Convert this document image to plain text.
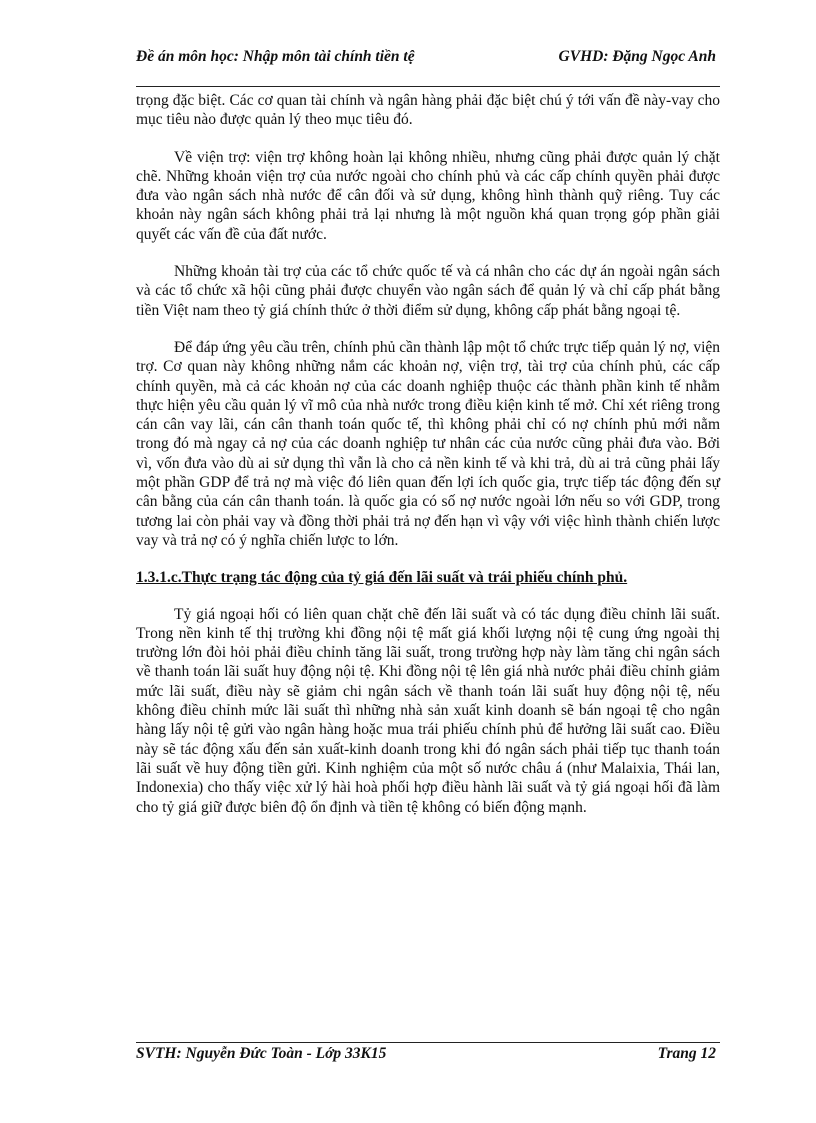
Đề án môn học: Nhập môn tài chính tiền tệ	GVHD: Đặng Ngọc Anh

trọng đặc biệt. Các cơ quan tài chính và ngân hàng phải đặc biệt chú ý tới vấn đề này-vay cho mục tiêu nào được quản lý theo mục tiêu đó.

Về viện trợ: viện trợ không hoàn lại không nhiều, nhưng cũng phải được quản lý chặt chẽ. Những khoản viện trợ của nước ngoài cho chính phủ và các cấp chính quyền phải được đưa vào ngân sách nhà nước để cân đối và sử dụng, không hình thành quỹ riêng. Tuy các khoản này ngân sách không phải trả lại nhưng là một nguồn khá quan trọng góp phần giải quyết các vấn đề của đất nước.

Những khoản tài trợ của các tổ chức quốc tế và cá nhân cho các dự án ngoài ngân sách và các tổ chức xã hội cũng phải được chuyển vào ngân sách để quản lý và chỉ cấp phát bằng tiền Việt nam theo tỷ giá chính thức ở thời điểm sử dụng, không cấp phát bằng ngoại tệ.

Để đáp ứng yêu cầu trên, chính phủ cần thành lập một tổ chức trực tiếp quản lý nợ, viện trợ. Cơ quan này không những nắm các khoản nợ, viện trợ, tài trợ của chính phủ, các cấp chính quyền, mà cả các khoản nợ của các doanh nghiệp thuộc các thành phần kinh tế nhằm thực hiện yêu cầu quản lý vĩ mô của nhà nước trong điều kiện kinh tế mở. Chỉ xét riêng trong cán cân vay lãi, cán cân thanh toán quốc tế, thì không phải chỉ có nợ chính phủ mới nằm trong đó mà ngay cả nợ của các doanh nghiệp tư nhân các của nước cũng phải đưa vào. Bởi vì, vốn đưa vào dù ai sử dụng thì vẫn là cho cả nền kinh tế và khi trả, dù ai trả cũng phải lấy một phần GDP để trả nợ mà việc đó liên quan đến lợi ích quốc gia, trực tiếp tác động đến sự cân bằng của cán cân thanh toán. là quốc gia có số nợ nước ngoài lớn nếu so với GDP, trong tương lai còn phải vay và đồng thời phải trả nợ đến hạn vì vậy với việc hình thành chiến lược vay và trả nợ có ý nghĩa chiến lược to lớn.

1.3.1.c.Thực trạng tác động của tỷ giá đến lãi suất và trái phiếu chính phủ.

Tỷ giá ngoại hối có liên quan chặt chẽ đến lãi suất và có tác dụng điều chỉnh lãi suất. Trong nền kinh tế thị trường khi đồng nội tệ mất giá khối lượng nội tệ cung ứng ngoài thị trường lớn đòi hỏi phải điều chỉnh tăng lãi suất, trong trường hợp này làm tăng chi ngân sách về thanh toán lãi suất huy động nội tệ. Khi đồng nội tệ lên giá nhà nước phải điều chỉnh giảm mức lãi suất, điều này sẽ giảm chi ngân sách về thanh toán lãi suất huy động nội tệ, nếu không điều chỉnh mức lãi suất thì những nhà sản xuất kinh doanh sẽ bán ngoại tệ cho ngân hàng lấy nội tệ gửi vào ngân hàng hoặc mua trái phiếu chính phủ để hưởng lãi suất cao. Điều này sẽ tác động xấu đến sản xuất-kinh doanh trong khi đó ngân sách phải tiếp tục thanh toán lãi suất về huy động tiền gửi. Kinh nghiệm của một số nước châu á (như Malaixia, Thái lan, Indonexia) cho thấy việc xử lý hài hoà phối hợp điều hành lãi suất và tỷ giá ngoại hối đã làm cho tỷ giá giữ được biên độ ổn định và tiền tệ không có biến động mạnh.

SVTH: Nguyễn Đức Toàn - Lớp 33K15	Trang 12
